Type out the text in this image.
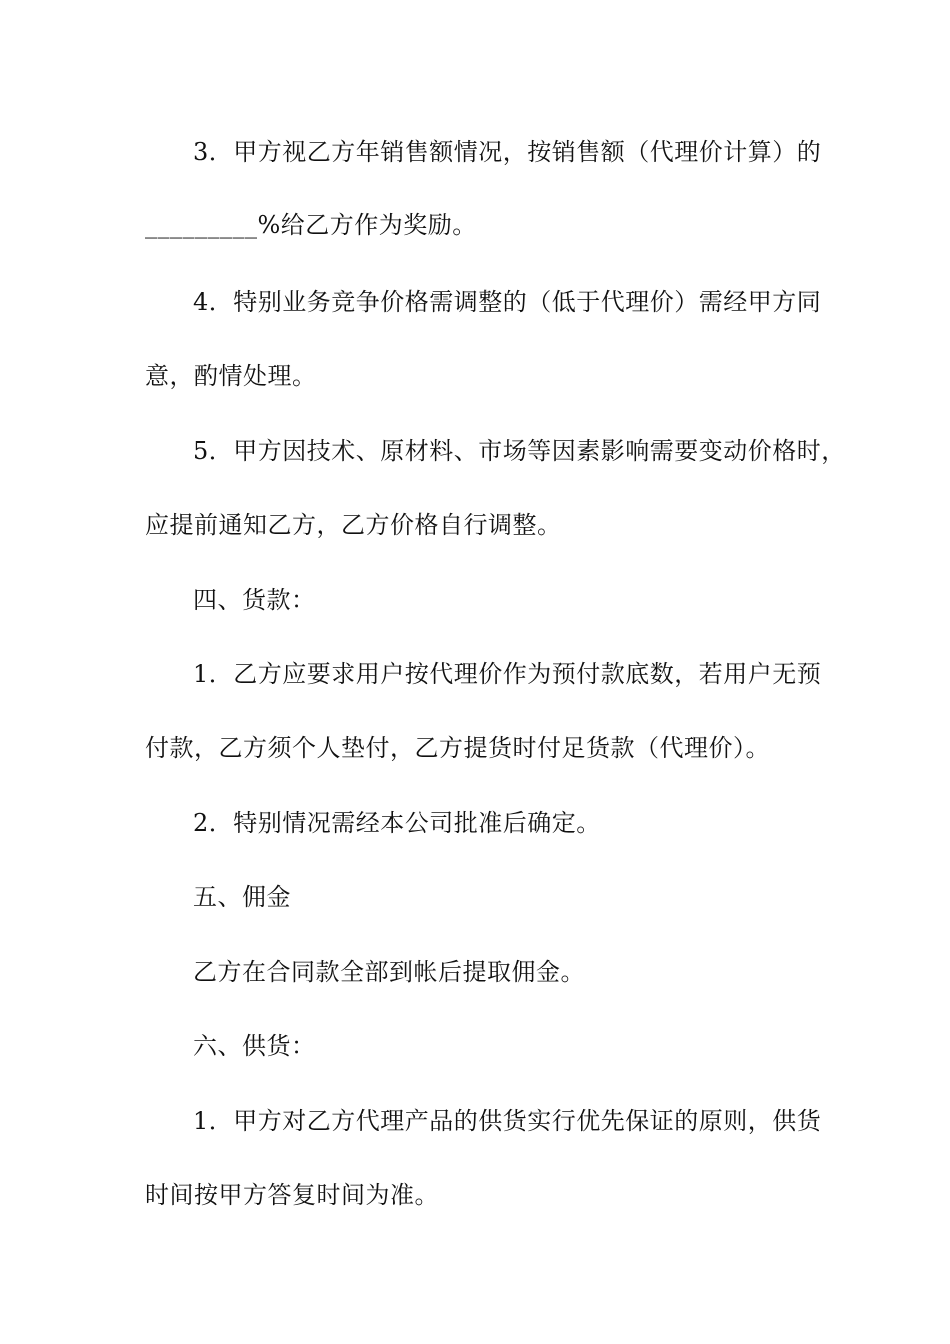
3．甲方视乙方年销售额情况，按销售额（代理价计算）的
_________%给乙方作为奖励。
4．特别业务竞争价格需调整的（低于代理价）需经甲方同
意，酌情处理。
5．甲方因技术、原材料、市场等因素影响需要变动价格时，
应提前通知乙方，乙方价格自行调整。
四、货款：
1．乙方应要求用户按代理价作为预付款底数，若用户无预
付款，乙方须个人垫付，乙方提货时付足货款（代理价）。
2．特别情况需经本公司批准后确定。
五、佣金
乙方在合同款全部到帐后提取佣金。
六、供货：
1．甲方对乙方代理产品的供货实行优先保证的原则，供货
时间按甲方答复时间为准。
